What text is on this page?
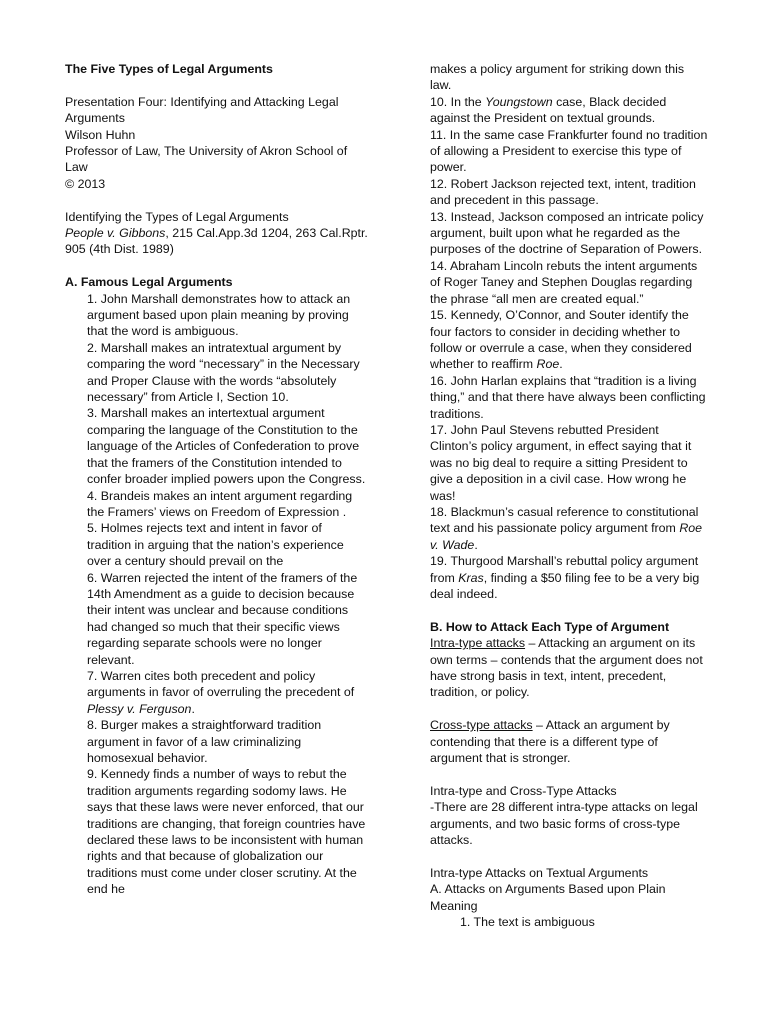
The Five Types of Legal Arguments

Presentation Four: Identifying and Attacking Legal Arguments

Wilson Huhn

Professor of Law, The University of Akron School of Law

© 2013

Identifying the Types of Legal Arguments

People v. Gibbons, 215 Cal.App.3d 1204, 263 Cal.Rptr. 905 (4th Dist. 1989)

A. Famous Legal Arguments

1. John Marshall demonstrates how to attack an argument based upon plain meaning by proving that the word is ambiguous.

2. Marshall makes an intratextual argument by comparing the word “necessary” in the Necessary and Proper Clause with the words “absolutely necessary” from Article I, Section 10.

3. Marshall makes an intertextual argument comparing the language of the Constitution to the language of the Articles of Confederation to prove that the framers of the Constitution intended to confer broader implied powers upon the Congress.

4. Brandeis makes an intent argument regarding the Framers’ views on Freedom of Expression .

5. Holmes rejects text and intent in favor of tradition in arguing that the nation’s experience over a century should prevail on the

6. Warren rejected the intent of the framers of the 14th Amendment as a guide to decision because their intent was unclear and because conditions had changed so much that their specific views regarding separate schools were no longer relevant.

7. Warren cites both precedent and policy arguments in favor of overruling the precedent of Plessy v. Ferguson.

8. Burger makes a straightforward tradition argument in favor of a law criminalizing homosexual behavior.

9. Kennedy finds a number of ways to rebut the tradition arguments regarding sodomy laws. He says that these laws were never enforced, that our traditions are changing, that foreign countries have declared these laws to be inconsistent with human rights and that because of globalization our traditions must come under closer scrutiny. At the end he

makes a policy argument for striking down this law.

10. In the Youngstown case, Black decided against the President on textual grounds.

11. In the same case Frankfurter found no tradition of allowing a President to exercise this type of power.

12. Robert Jackson rejected text, intent, tradition and precedent in this passage.

13. Instead, Jackson composed an intricate policy argument, built upon what he regarded as the purposes of the doctrine of Separation of Powers.

14. Abraham Lincoln rebuts the intent arguments of Roger Taney and Stephen Douglas regarding the phrase “all men are created equal.”

15. Kennedy, O’Connor, and Souter identify the four factors to consider in deciding whether to follow or overrule a case, when they considered whether to reaffirm Roe.

16. John Harlan explains that “tradition is a living thing,” and that there have always been conflicting traditions.

17. John Paul Stevens rebutted President Clinton’s policy argument, in effect saying that it was no big deal to require a sitting President to give a deposition in a civil case. How wrong he was!

18. Blackmun’s casual reference to constitutional text and his passionate policy argument from Roe v. Wade.

19. Thurgood Marshall’s rebuttal policy argument from Kras, finding a $50 filing fee to be a very big deal indeed.

B. How to Attack Each Type of Argument

Intra-type attacks – Attacking an argument on its own terms – contends that the argument does not have strong basis in text, intent, precedent, tradition, or policy.

Cross-type attacks – Attack an argument by contending that there is a different type of argument that is stronger.

Intra-type and Cross-Type Attacks

-There are 28 different intra-type attacks on legal arguments, and two basic forms of cross-type attacks.

Intra-type Attacks on Textual Arguments

A. Attacks on Arguments Based upon Plain Meaning

1. The text is ambiguous
